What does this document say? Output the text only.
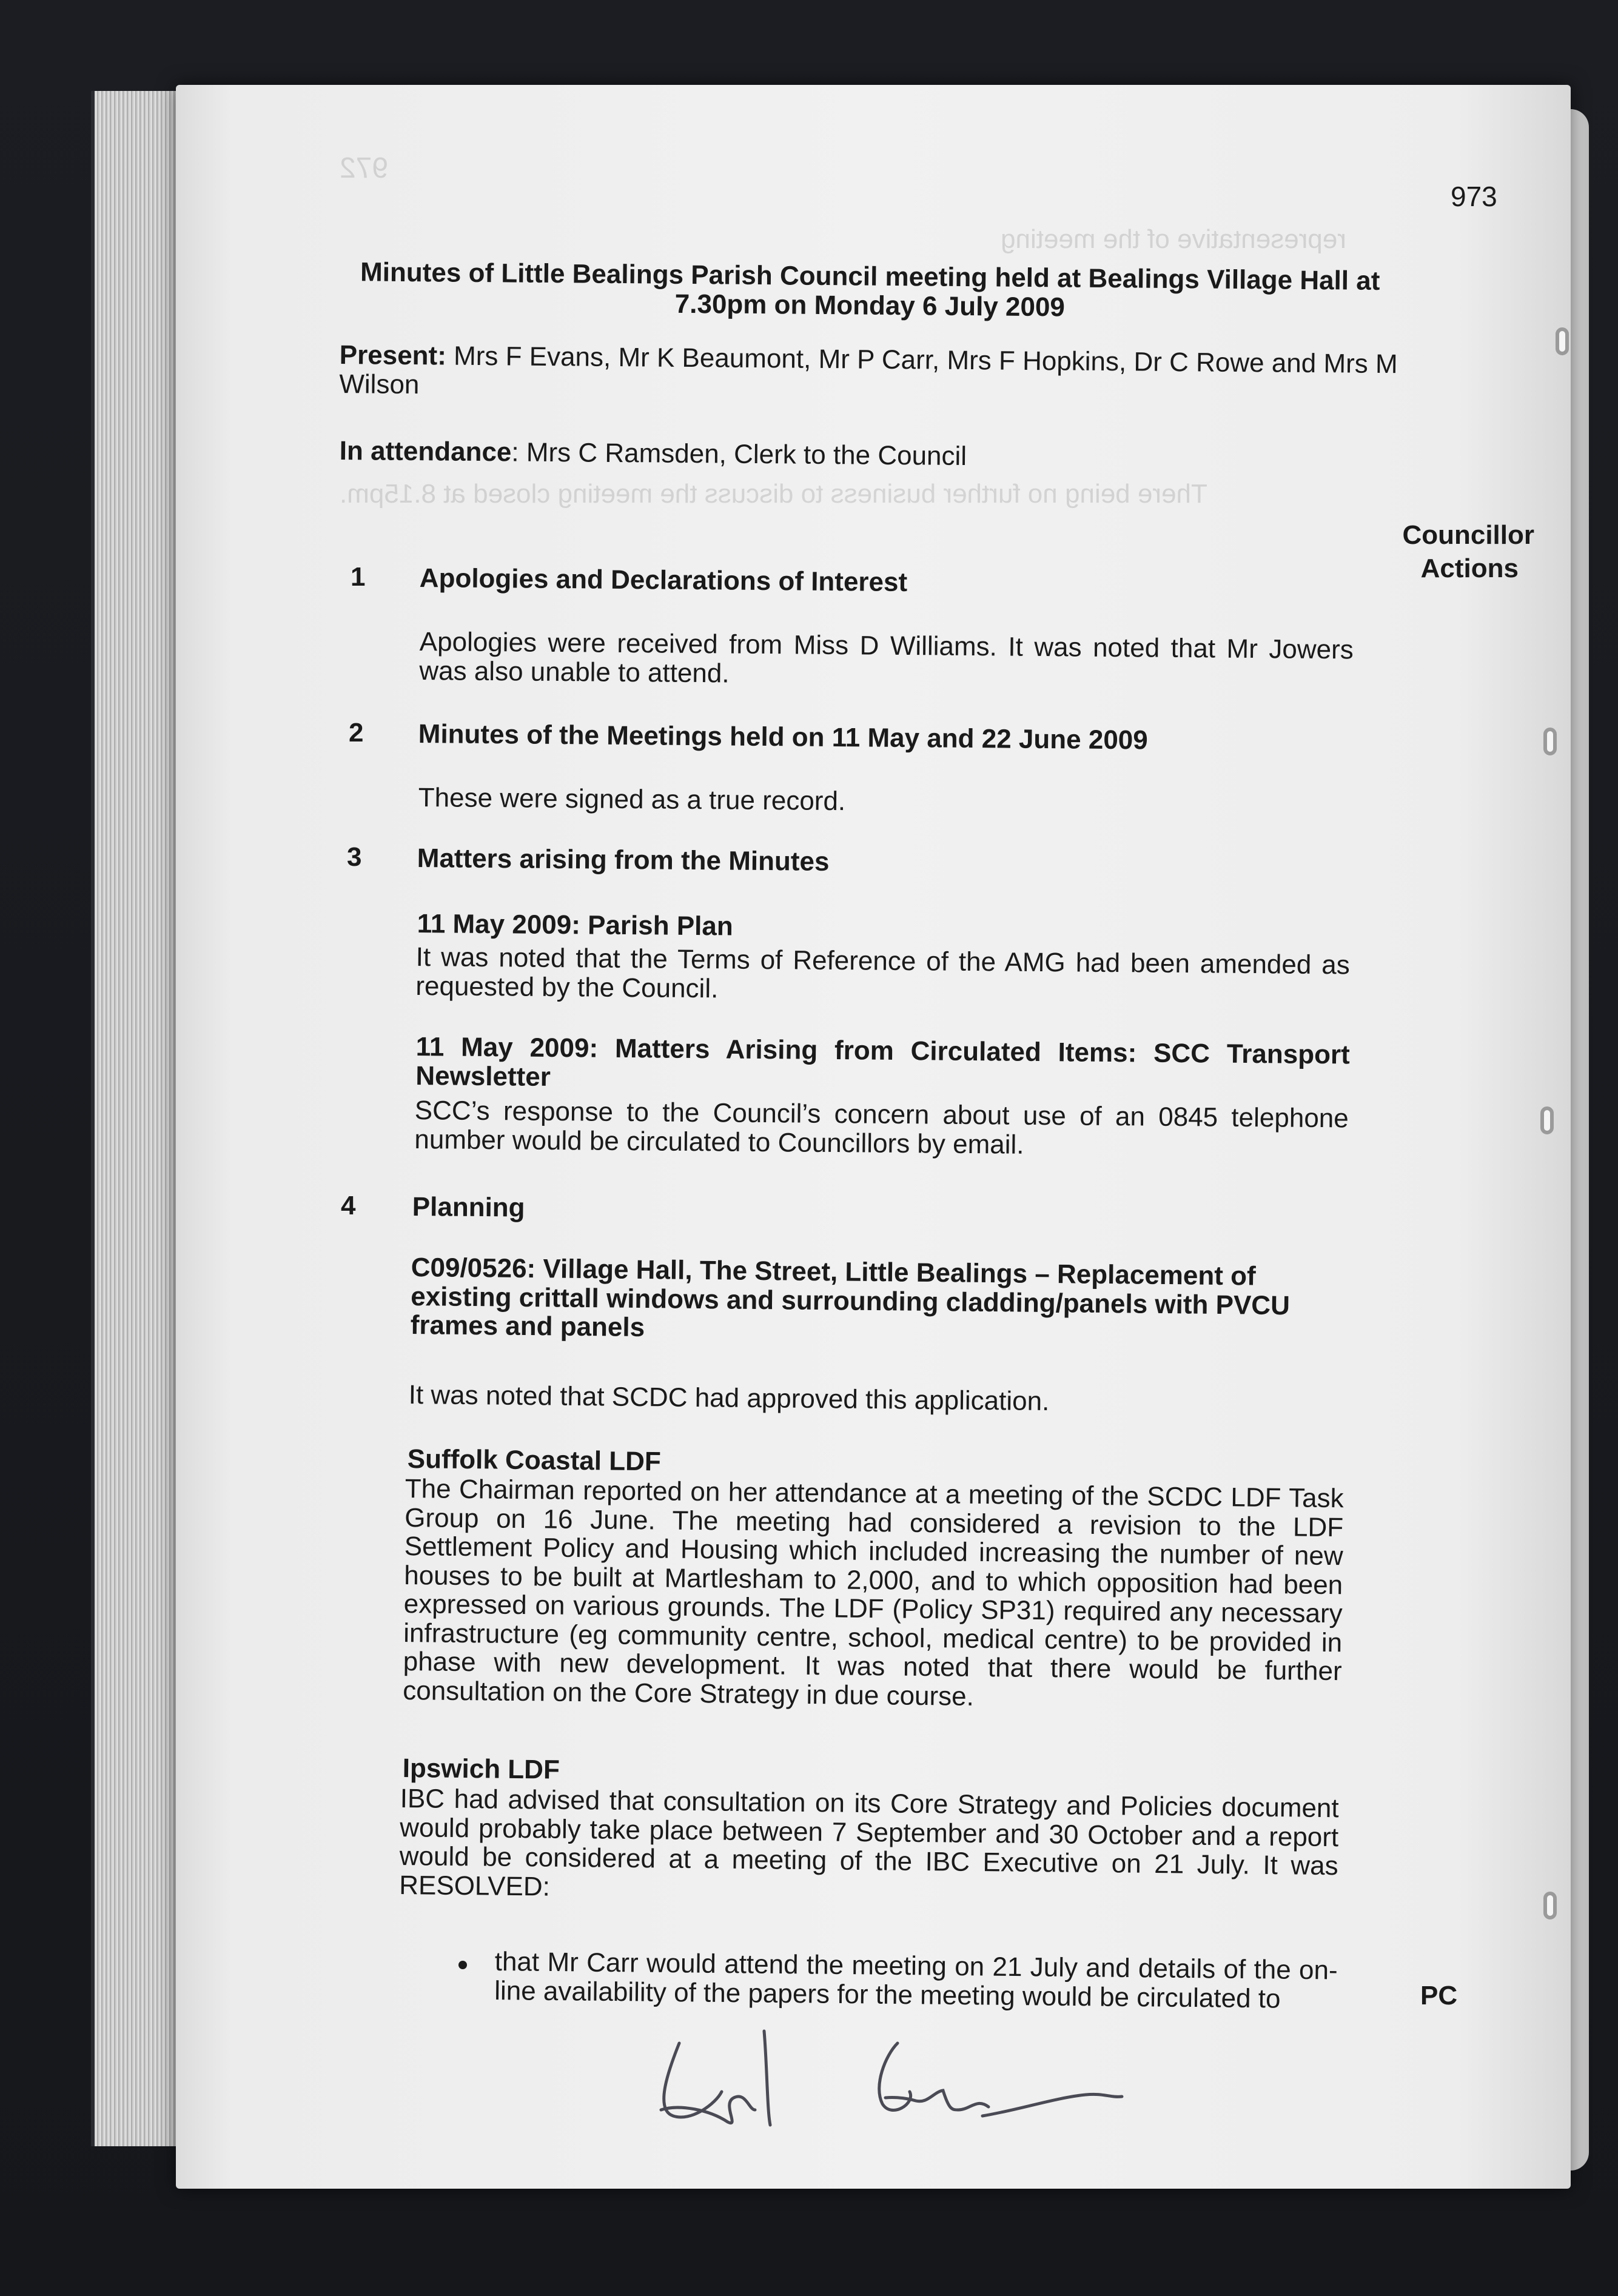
972
representative of the meeting
There being no further business to discuss the meeting closed at 8.15pm.
973
Minutes of Little Bealings Parish Council meeting held at Bealings Village Hall at 7.30pm on Monday 6 July 2009
Present: Mrs F Evans, Mr K Beaumont, Mr P Carr, Mrs F Hopkins, Dr C Rowe and Mrs M Wilson
In attendance: Mrs C Ramsden, Clerk to the Council
Councillor
Actions
1 Apologies and Declarations of Interest
Apologies were received from Miss D Williams. It was noted that Mr Jowers was also unable to attend.
2 Minutes of the Meetings held on 11 May and 22 June 2009
These were signed as a true record.
3 Matters arising from the Minutes
11 May 2009: Parish Plan
It was noted that the Terms of Reference of the AMG had been amended as requested by the Council.
11 May 2009: Matters Arising from Circulated Items: SCC Transport Newsletter
SCC’s response to the Council’s concern about use of an 0845 telephone number would be circulated to Councillors by email.
4 Planning
C09/0526: Village Hall, The Street, Little Bealings – Replacement of existing crittall windows and surrounding cladding/panels with PVCU frames and panels
It was noted that SCDC had approved this application.
Suffolk Coastal LDF
The Chairman reported on her attendance at a meeting of the SCDC LDF Task Group on 16 June. The meeting had considered a revision to the LDF Settlement Policy and Housing which included increasing the number of new houses to be built at Martlesham to 2,000, and to which opposition had been expressed on various grounds. The LDF (Policy SP31) required any necessary infrastructure (eg community centre, school, medical centre) to be provided in phase with new development. It was noted that there would be further consultation on the Core Strategy in due course.
Ipswich LDF
IBC had advised that consultation on its Core Strategy and Policies document would probably take place between 7 September and 30 October and a report would be considered at a meeting of the IBC Executive on 21 July. It was RESOLVED:
that Mr Carr would attend the meeting on 21 July and details of the on-line availability of the papers for the meeting would be circulated to	PC
